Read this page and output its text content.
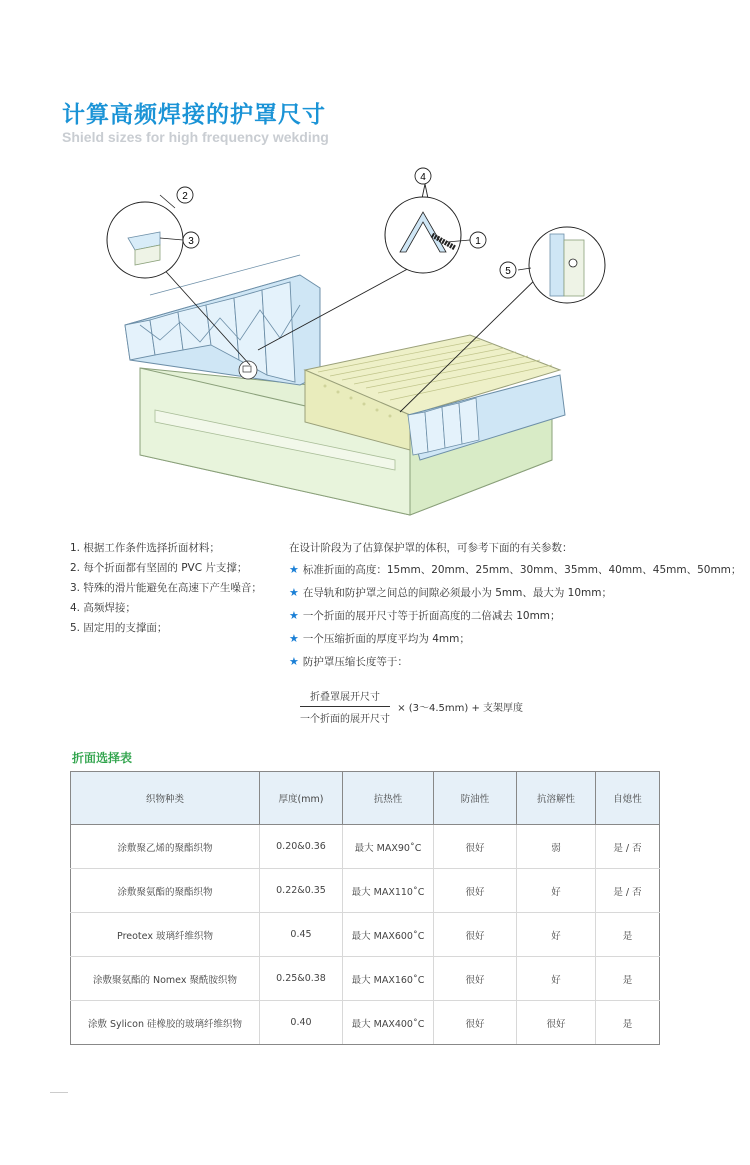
计算高频焊接的护罩尺寸
Shield sizes for high frequency wekding
2
3
4
1
5
1. 根据工作条件选择折面材料；
2. 每个折面都有坚固的 PVC 片支撑；
3. 特殊的滑片能避免在高速下产生噪音；
4. 高频焊接；
5. 固定用的支撑面；
在设计阶段为了估算保护罩的体积，可参考下面的有关参数：
★ 标准折面的高度：15mm、20mm、25mm、30mm、35mm、40mm、45mm、50mm；
★ 在导轨和防护罩之间总的间隙必须最小为 5mm、最大为 10mm；
★ 一个折面的展开尺寸等于折面高度的二倍减去 10mm；
★ 一个压缩折面的厚度平均为 4mm；
★ 防护罩压缩长度等于：
$\frac{\text{折叠罩展开尺寸}}{\text{一个折面的展开尺寸}}$ × (3～4.5mm) + 支架厚度
折面选择表
织物种类	厚度(mm)	抗热性	防油性	抗溶解性	自熄性
涂敷聚乙烯的聚酯织物	0.20&0.36	最大 MAX90˚C	很好	弱	是 / 否
涂敷聚氨酯的聚酯织物	0.22&0.35	最大 MAX110˚C	很好	好	是 / 否
Preotex 玻璃纤维织物	0.45	最大 MAX600˚C	很好	好	是
涂敷聚氨酯的 Nomex 聚酰胺织物	0.25&0.38	最大 MAX160˚C	很好	好	是
涂敷 Sylicon 硅橡胶的玻璃纤维织物	0.40	最大 MAX400˚C	很好	很好	是
